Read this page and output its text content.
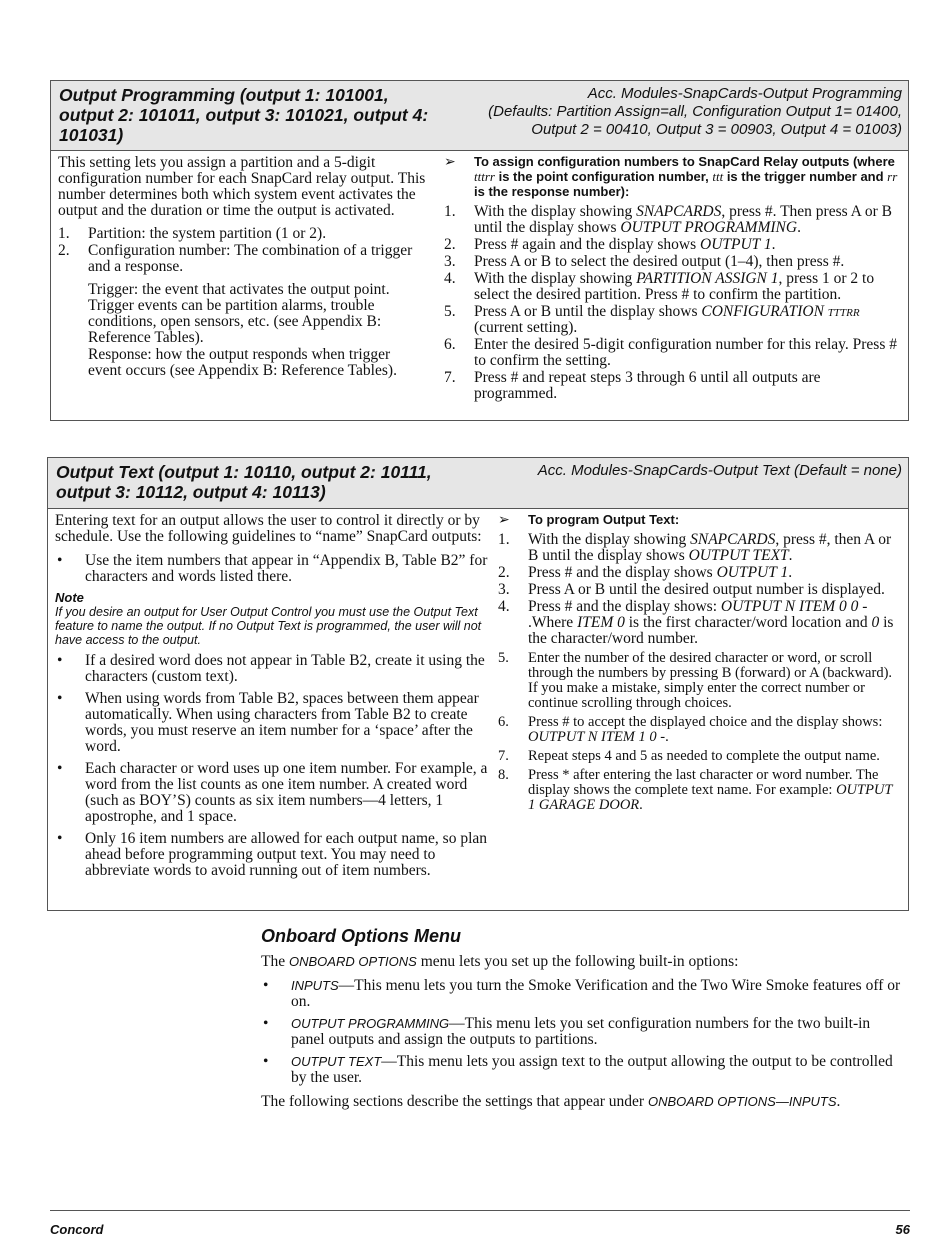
Output Programming (output 1: 101001, output 2: 101011, output 3: 101021, output 4: 101031)
Acc. Modules-SnapCards-Output Programming
(Defaults: Partition Assign=all, Configuration Output 1= 01400,
Output 2 = 00410, Output 3 = 00903, Output 4 = 01003)

This setting lets you assign a partition and a 5-digit configuration number for each SnapCard relay output. This number determines both which system event activates the output and the duration or time the output is activated.

1.	Partition: the system partition (1 or 2).
2.	Configuration number: The combination of a trigger and a response.

Trigger: the event that activates the output point. Trigger events can be partition alarms, trouble conditions, open sensors, etc. (see Appendix B: Reference Tables).

Response: how the output responds when trigger event occurs (see Appendix B: Reference Tables).

➢	To assign configuration numbers to SnapCard Relay outputs (where tttrr is the point configuration number, ttt is the trigger number and rr is the response number):
1.	With the display showing SNAPCARDS, press #. Then press A or B until the display shows OUTPUT PROGRAMMING.
2.	Press # again and the display shows OUTPUT 1.
3.	Press A or B to select the desired output (1–4), then press #.
4.	With the display showing PARTITION ASSIGN 1, press 1 or 2 to select the desired partition. Press # to confirm the partition.
5.	Press A or B until the display shows CONFIGURATION tttrr (current setting).
6.	Enter the desired 5-digit configuration number for this relay. Press # to confirm the setting.
7.	Press # and repeat steps 3 through 6 until all outputs are programmed.
Output Text (output 1: 10110, output 2: 10111, output 3: 10112, output 4: 10113)
Acc. Modules-SnapCards-Output Text (Default = none)

Entering text for an output allows the user to control it directly or by schedule. Use the following guidelines to “name” SnapCard outputs:

•	Use the item numbers that appear in “Appendix B, Table B2” for characters and words listed there.
Note
If you desire an output for User Output Control you must use the Output Text feature to name the output. If no Output Text is programmed, the user will not have access to the output.
•	If a desired word does not appear in Table B2, create it using the characters (custom text).
•	When using words from Table B2, spaces between them appear automatically. When using characters from Table B2 to create words, you must reserve an item number for a ‘space’ after the word.
•	Each character or word uses up one item number. For example, a word from the list counts as one item number. A created word (such as BOY’S) counts as six item numbers—4 letters, 1 apostrophe, and 1 space.
•	Only 16 item numbers are allowed for each output name, so plan ahead before programming output text. You may need to abbreviate words to avoid running out of item numbers.
➢	To program Output Text:
1.	With the display showing SNAPCARDS, press #, then A or B until the display shows OUTPUT TEXT.
2.	Press # and the display shows OUTPUT 1.
3.	Press A or B until the desired output number is displayed.
4.	Press # and the display shows: OUTPUT N ITEM 0 0 - .Where ITEM 0 is the first character/word location and 0 is the character/word number.
5.	Enter the number of the desired character or word, or scroll through the numbers by pressing B (forward) or A (backward). If you make a mistake, simply enter the correct number or continue scrolling through choices.
6.	Press # to accept the displayed choice and the display shows: OUTPUT N ITEM 1 0 -.
7.	Repeat steps 4 and 5 as needed to complete the output name.
8.	Press * after entering the last character or word number. The display shows the complete text name. For example: OUTPUT 1 GARAGE DOOR.
Onboard Options Menu

The ONBOARD OPTIONS menu lets you set up the following built-in options:

•	INPUTS—This menu lets you turn the Smoke Verification and the Two Wire Smoke features off or on.
•	OUTPUT PROGRAMMING—This menu lets you set configuration numbers for the two built-in panel outputs and assign the outputs to partitions.
•	OUTPUT TEXT—This menu lets you assign text to the output allowing the output to be controlled by the user.

The following sections describe the settings that appear under ONBOARD OPTIONS—INPUTS.

Concord	56
